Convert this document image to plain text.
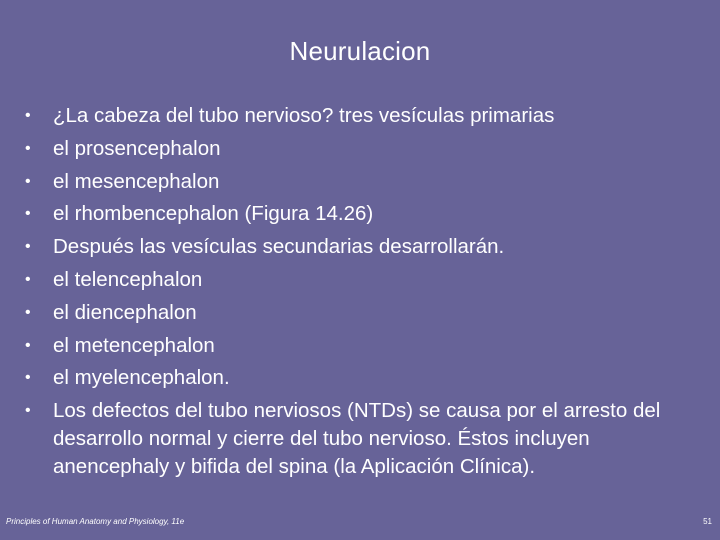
Neurulacion
• ¿La cabeza del tubo nervioso? tres vesículas primarias
• el prosencephalon
• el mesencephalon
• el rhombencephalon (Figura 14.26)
• Después las vesículas secundarias desarrollarán.
• el telencephalon
• el diencephalon
• el metencephalon
• el myelencephalon.
• Los defectos del tubo nerviosos (NTDs) se causa por el arresto del desarrollo normal y cierre del tubo nervioso. Éstos incluyen anencephaly y bifida del spina (la Aplicación Clínica).
Principles of Human Anatomy and Physiology, 11e	51
